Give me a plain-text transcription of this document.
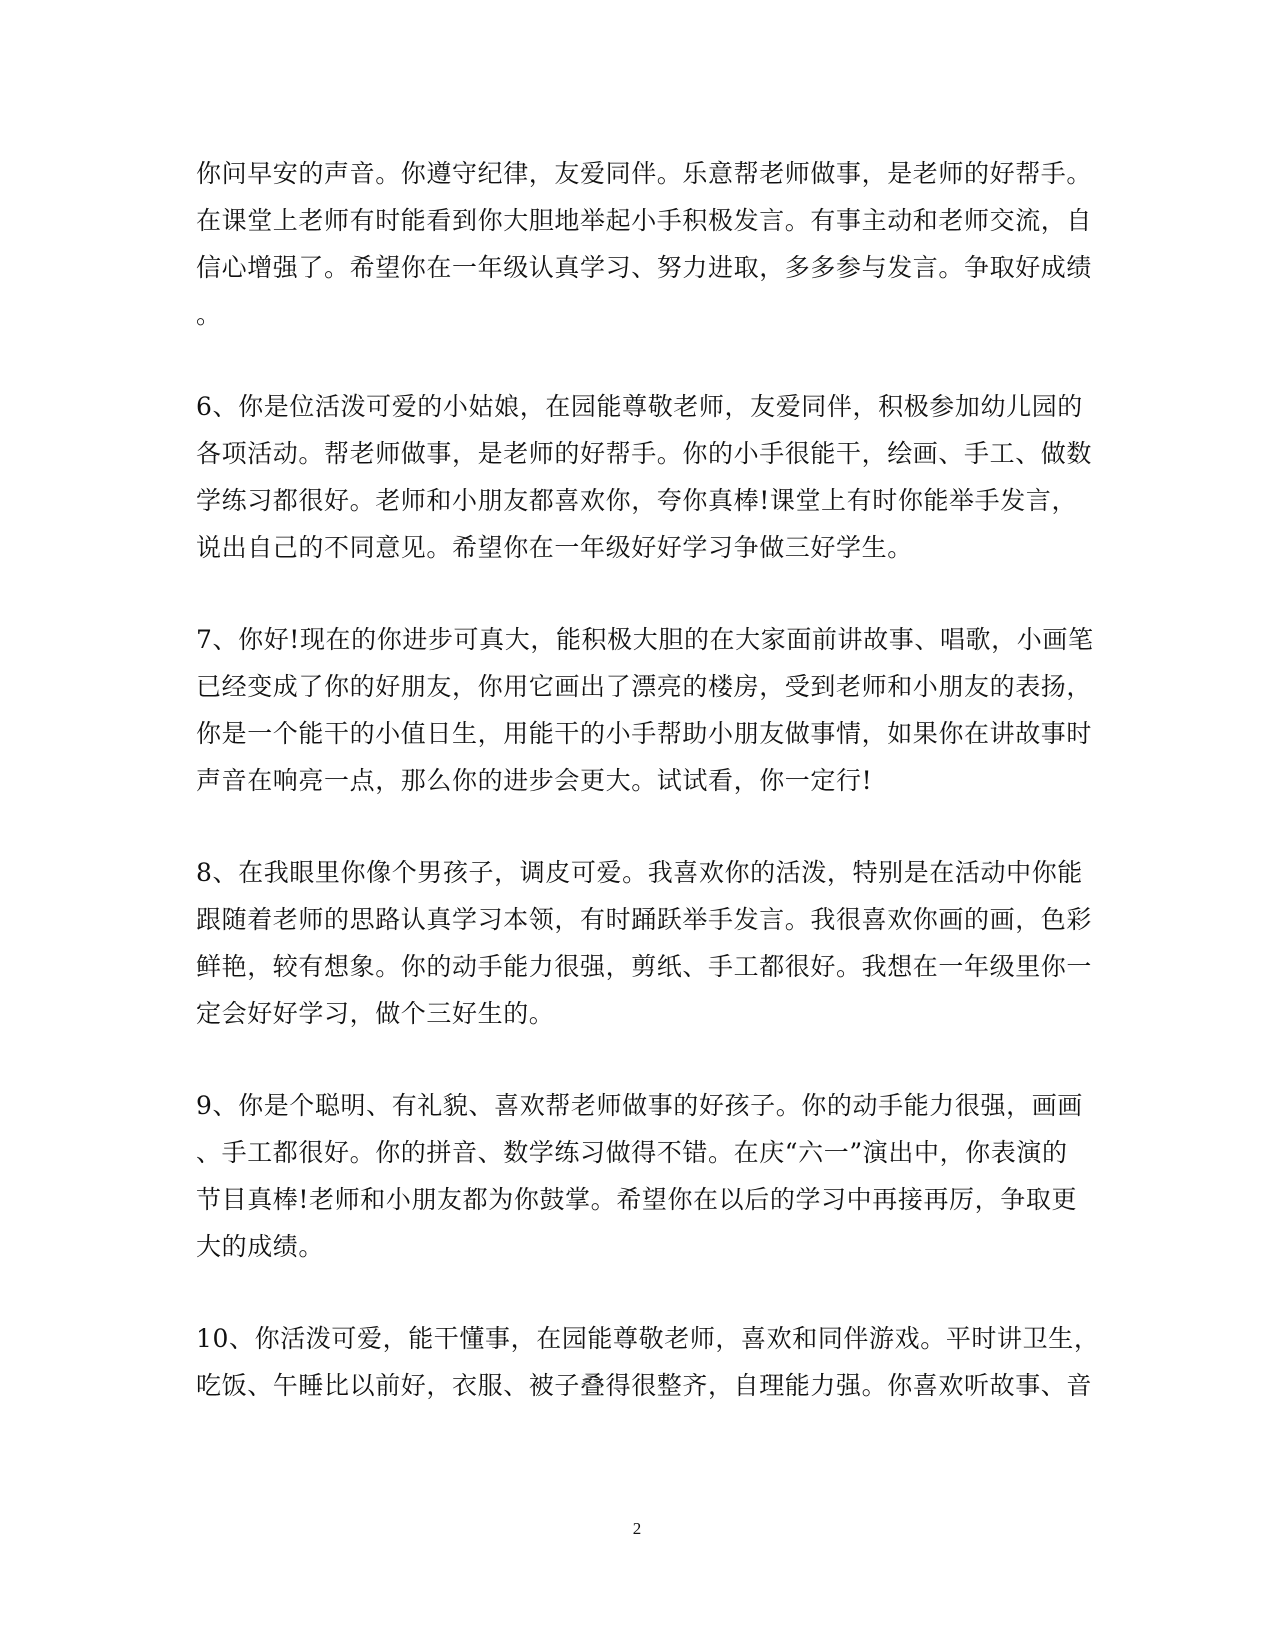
你问早安的声音。你遵守纪律，友爱同伴。乐意帮老师做事，是老师的好帮手。
在课堂上老师有时能看到你大胆地举起小手积极发言。有事主动和老师交流，自
信心增强了。希望你在一年级认真学习、努力进取，多多参与发言。争取好成绩
。
6、你是位活泼可爱的小姑娘，在园能尊敬老师，友爱同伴，积极参加幼儿园的
各项活动。帮老师做事，是老师的好帮手。你的小手很能干，绘画、手工、做数
学练习都很好。老师和小朋友都喜欢你，夸你真棒!课堂上有时你能举手发言，
说出自己的不同意见。希望你在一年级好好学习争做三好学生。
7、你好!现在的你进步可真大，能积极大胆的在大家面前讲故事、唱歌，小画笔
已经变成了你的好朋友，你用它画出了漂亮的楼房，受到老师和小朋友的表扬，
你是一个能干的小值日生，用能干的小手帮助小朋友做事情，如果你在讲故事时
声音在响亮一点，那么你的进步会更大。试试看，你一定行!
8、在我眼里你像个男孩子，调皮可爱。我喜欢你的活泼，特别是在活动中你能
跟随着老师的思路认真学习本领，有时踊跃举手发言。我很喜欢你画的画，色彩
鲜艳，较有想象。你的动手能力很强，剪纸、手工都很好。我想在一年级里你一
定会好好学习，做个三好生的。
9、你是个聪明、有礼貌、喜欢帮老师做事的好孩子。你的动手能力很强，画画
、手工都很好。你的拼音、数学练习做得不错。在庆“六一”演出中，你表演的
节目真棒!老师和小朋友都为你鼓掌。希望你在以后的学习中再接再厉，争取更
大的成绩。
10、你活泼可爱，能干懂事，在园能尊敬老师，喜欢和同伴游戏。平时讲卫生，
吃饭、午睡比以前好，衣服、被子叠得很整齐，自理能力强。你喜欢听故事、音
2
